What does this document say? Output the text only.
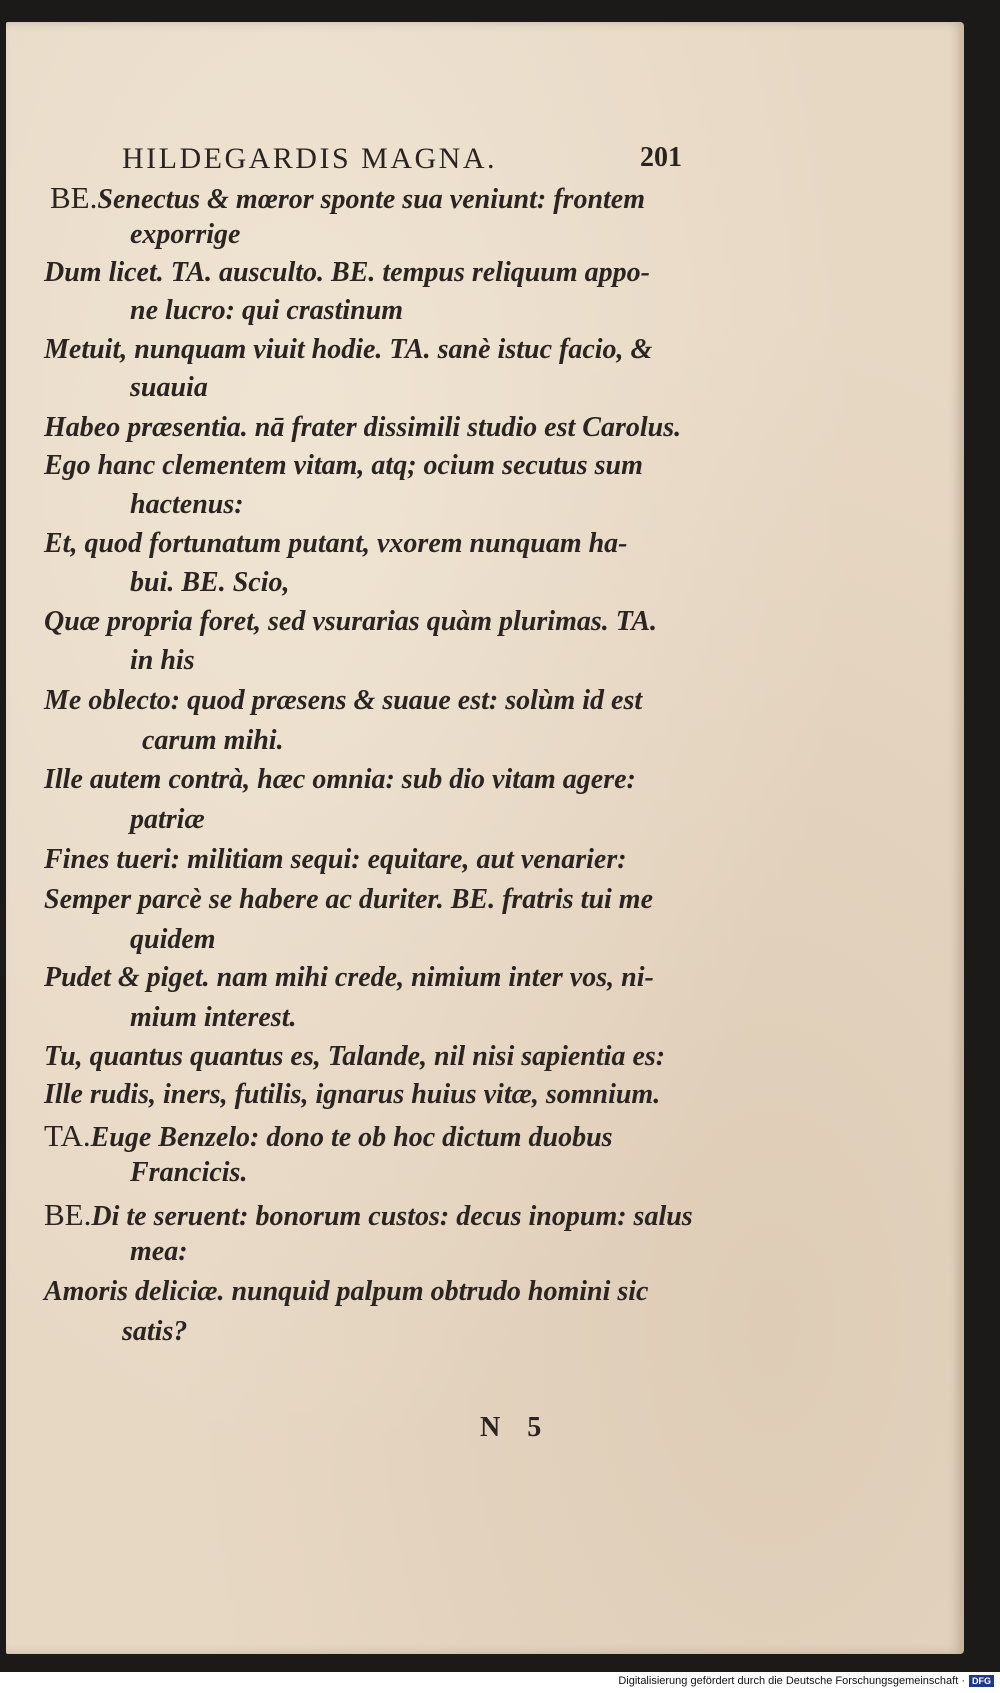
HILDEGARDIS MAGNA.	201

BE.Senectus & mœror sponte sua veniunt: frontem

exporrige

Dum licet. TA. ausculto. BE. tempus reliquum appo-

ne lucro: qui crastinum

Metuit, nunquam viuit hodie. TA. sanè istuc facio, &

suauia

Habeo præsentia. nā frater dissimili studio est Carolus.

Ego hanc clementem vitam, atq; ocium secutus sum

hactenus:

Et, quod fortunatum putant, vxorem nunquam ha-

bui. BE. Scio,

Quæ propria foret, sed vsurarias quàm plurimas. TA.

in his

Me oblecto: quod præsens & suaue est: solùm id est

carum mihi.

Ille autem contrà, hæc omnia: sub dio vitam agere:

patriæ

Fines tueri: militiam sequi: equitare, aut venarier:

Semper parcè se habere ac duriter. BE. fratris tui me

quidem

Pudet & piget. nam mihi crede, nimium inter vos, ni-

mium interest.

Tu, quantus quantus es, Talande, nil nisi sapientia es:

Ille rudis, iners, futilis, ignarus huius vitæ, somnium.

TA.Euge Benzelo: dono te ob hoc dictum duobus

Francicis.

BE.Di te seruent: bonorum custos: decus inopum: salus

mea:

Amoris deliciæ. nunquid palpum obtrudo homini sic

satis?

N 5
Digitalisierung gefördert durch die Deutsche Forschungsgemeinschaft · DFG
